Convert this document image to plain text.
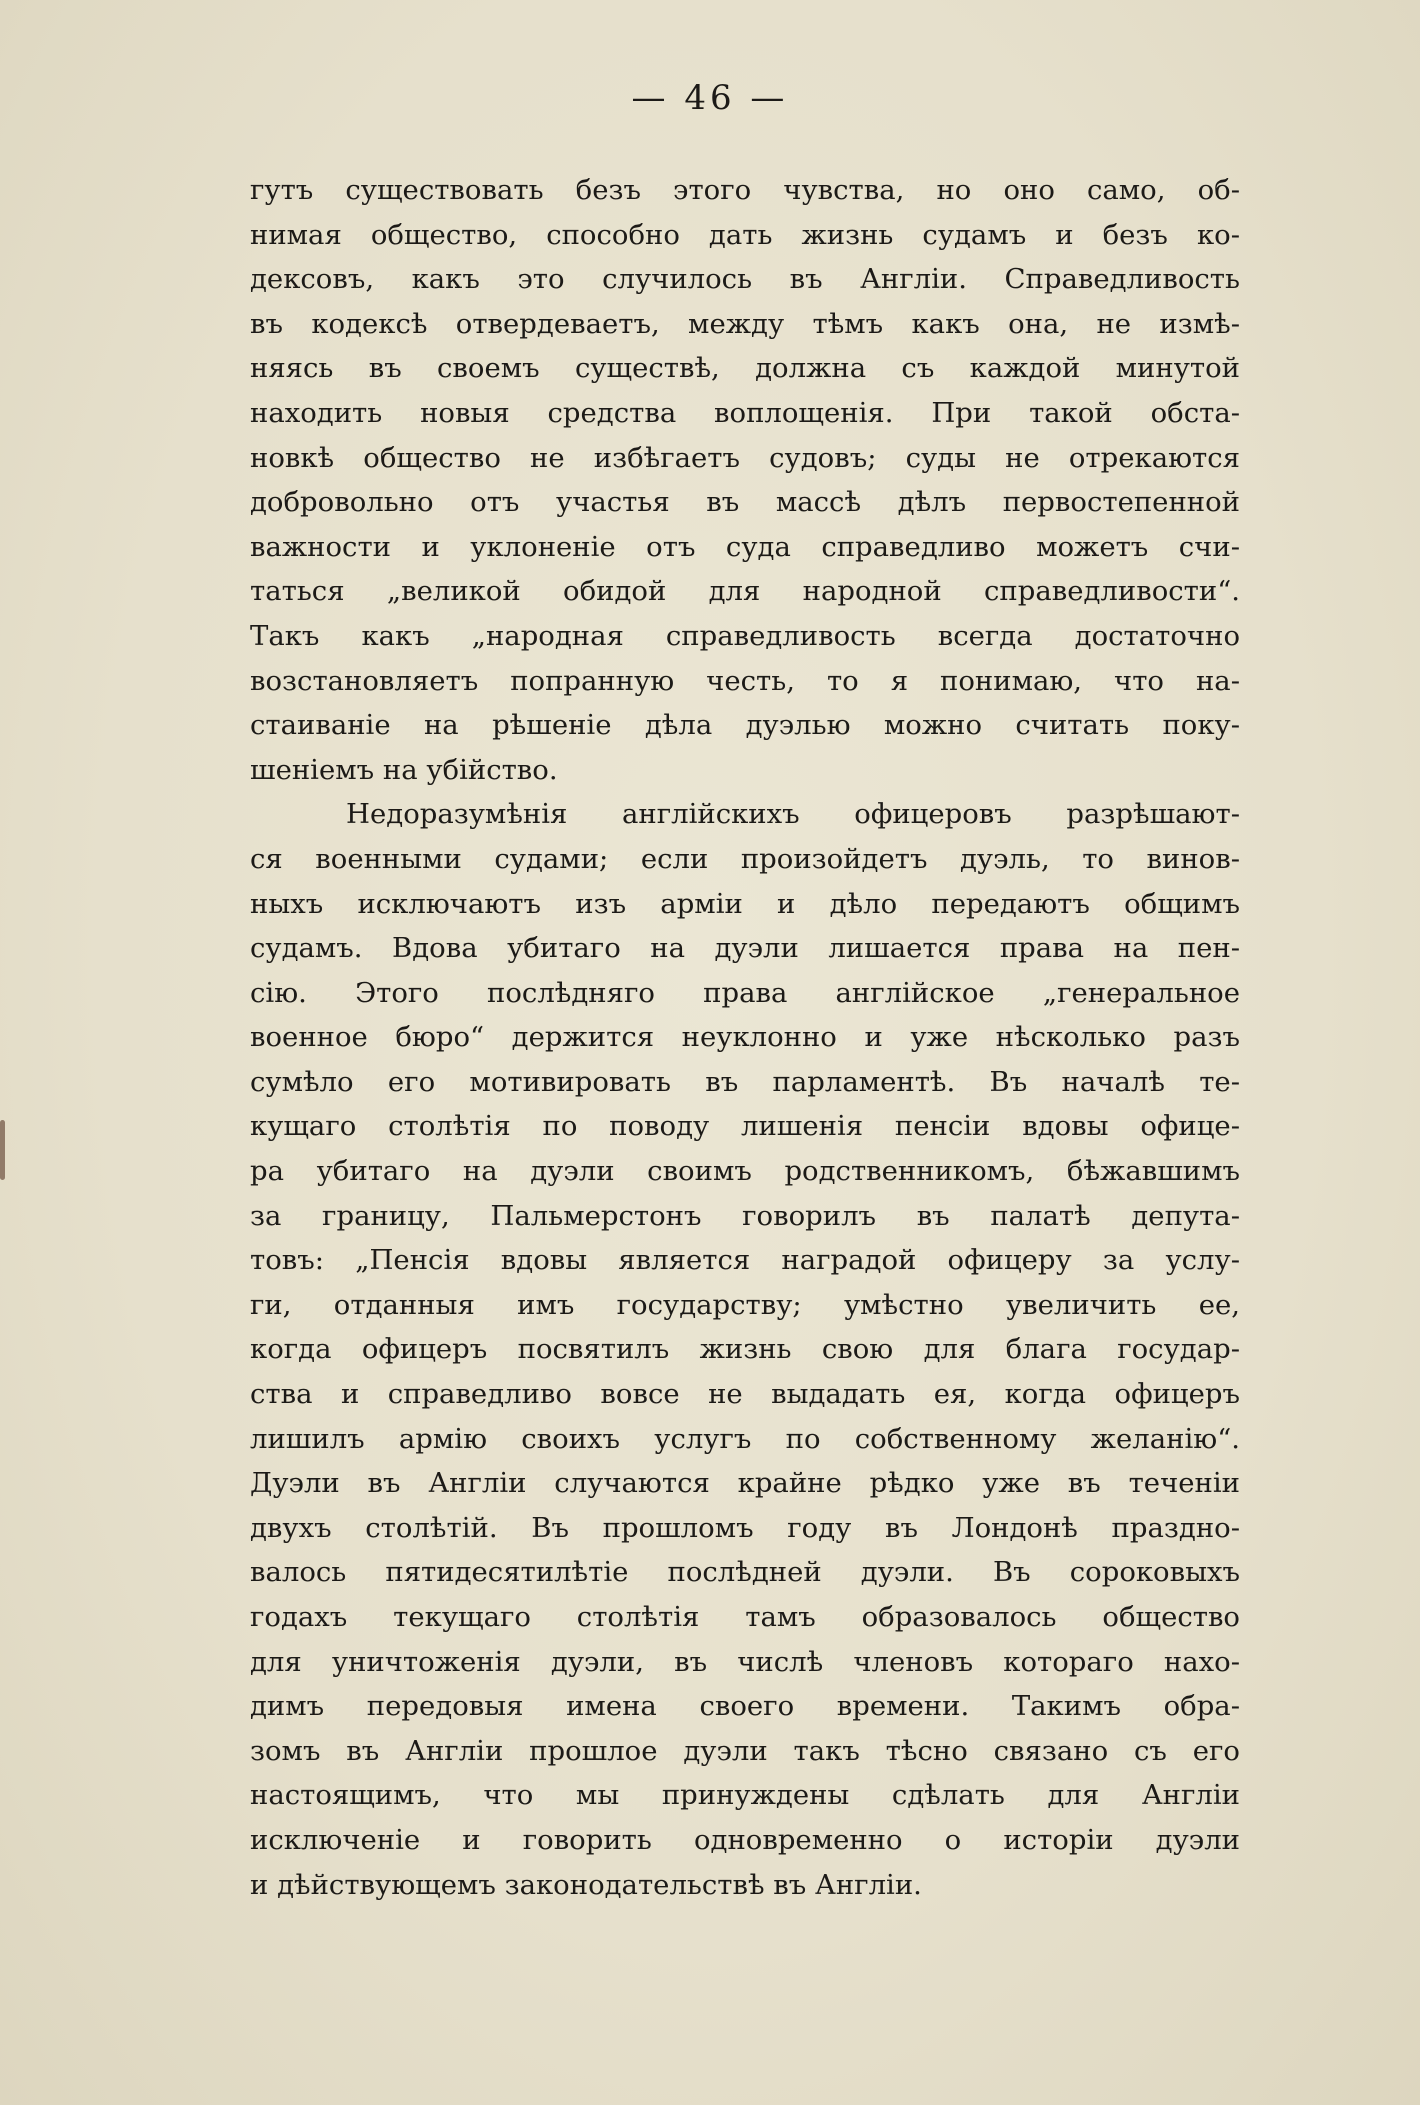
— 46 —
гутъ существовать безъ этого чувства, но оно само, об-
нимая общество, способно дать жизнь судамъ и безъ ко-
дексовъ, какъ это случилось въ Англіи. Справедливость
въ кодексѣ отвердеваетъ, между тѣмъ какъ она, не измѣ-
няясь въ своемъ существѣ, должна съ каждой минутой
находить новыя средства воплощенія. При такой обста-
новкѣ общество не избѣгаетъ судовъ; суды не отрекаются
добровольно отъ участья въ массѣ дѣлъ первостепенной
важности и уклоненіе отъ суда справедливо можетъ счи-
таться „великой обидой для народной справедливости“.
Такъ какъ „народная справедливость всегда достаточно
возстановляетъ попранную честь, то я понимаю, что на-
стаиваніе на рѣшеніе дѣла дуэлью можно считать поку-
шеніемъ на убійство.
Недоразумѣнія англійскихъ офицеровъ разрѣшают-
ся военными судами; если произойдетъ дуэль, то винов-
ныхъ исключаютъ изъ арміи и дѣло передаютъ общимъ
судамъ. Вдова убитаго на дуэли лишается права на пен-
сію. Этого послѣдняго права англійское „генеральное
военное бюро“ держится неуклонно и уже нѣсколько разъ
сумѣло его мотивировать въ парламентѣ. Въ началѣ те-
кущаго столѣтія по поводу лишенія пенсіи вдовы офице-
ра убитаго на дуэли своимъ родственникомъ, бѣжавшимъ
за границу, Пальмерстонъ говорилъ въ палатѣ депута-
товъ: „Пенсія вдовы является наградой офицеру за услу-
ги, отданныя имъ государству; умѣстно увеличить ее,
когда офицеръ посвятилъ жизнь свою для блага государ-
ства и справедливо вовсе не выдадать ея, когда офицеръ
лишилъ армію своихъ услугъ по собственному желанію“.
Дуэли въ Англіи случаются крайне рѣдко уже въ теченіи
двухъ столѣтій. Въ прошломъ году въ Лондонѣ праздно-
валось пятидесятилѣтіе послѣдней дуэли. Въ сороковыхъ
годахъ текущаго столѣтія тамъ образовалось общество
для уничтоженія дуэли, въ числѣ членовъ котораго нахо-
димъ передовыя имена своего времени. Такимъ обра-
зомъ въ Англіи прошлое дуэли такъ тѣсно связано съ его
настоящимъ, что мы принуждены сдѣлать для Англіи
исключеніе и говорить одновременно о исторіи дуэли
и дѣйствующемъ законодательствѣ въ Англіи.
